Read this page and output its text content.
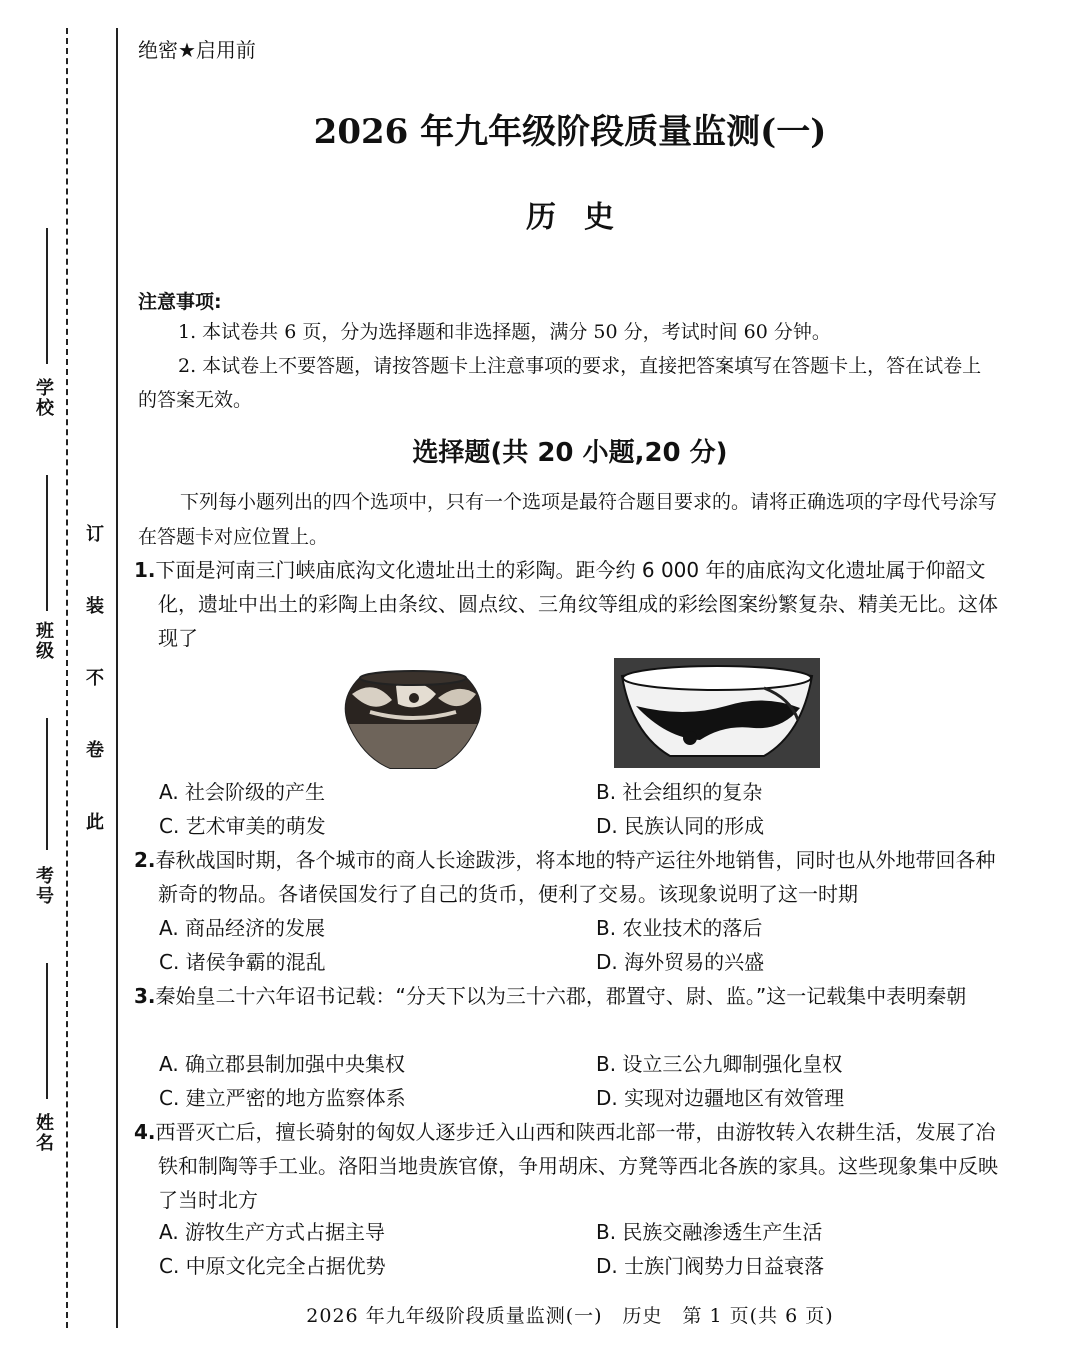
学校
班级
考号
姓名
订
装
不
卷
此
绝密★启用前
2026 年九年级阶段质量监测(一)
历史
注意事项:
1. 本试卷共 6 页，分为选择题和非选择题，满分 50 分，考试时间 60 分钟。
2. 本试卷上不要答题，请按答题卡上注意事项的要求，直接把答案填写在答题卡上，答在试卷上的答案无效。
选择题(共 20 小题,20 分)
下列每小题列出的四个选项中，只有一个选项是最符合题目要求的。请将正确选项的字母代号涂写在答题卡对应位置上。
1.下面是河南三门峡庙底沟文化遗址出土的彩陶。距今约 6 000 年的庙底沟文化遗址属于仰韶文化，遗址中出土的彩陶上由条纹、圆点纹、三角纹等组成的彩绘图案纷繁复杂、精美无比。这体现了
A. 社会阶级的产生	B. 社会组织的复杂
C. 艺术审美的萌发	D. 民族认同的形成
2.春秋战国时期，各个城市的商人长途跋涉，将本地的特产运往外地销售，同时也从外地带回各种新奇的物品。各诸侯国发行了自己的货币，便利了交易。该现象说明了这一时期
A. 商品经济的发展	B. 农业技术的落后
C. 诸侯争霸的混乱	D. 海外贸易的兴盛
3.秦始皇二十六年诏书记载：“分天下以为三十六郡，郡置守、尉、监。”这一记载集中表明秦朝
A. 确立郡县制加强中央集权	B. 设立三公九卿制强化皇权
C. 建立严密的地方监察体系	D. 实现对边疆地区有效管理
4.西晋灭亡后，擅长骑射的匈奴人逐步迁入山西和陕西北部一带，由游牧转入农耕生活，发展了冶铁和制陶等手工业。洛阳当地贵族官僚，争用胡床、方凳等西北各族的家具。这些现象集中反映了当时北方
A. 游牧生产方式占据主导	B. 民族交融渗透生产生活
C. 中原文化完全占据优势	D. 士族门阀势力日益衰落
2026 年九年级阶段质量监测(一)　历史　第 1 页(共 6 页)
